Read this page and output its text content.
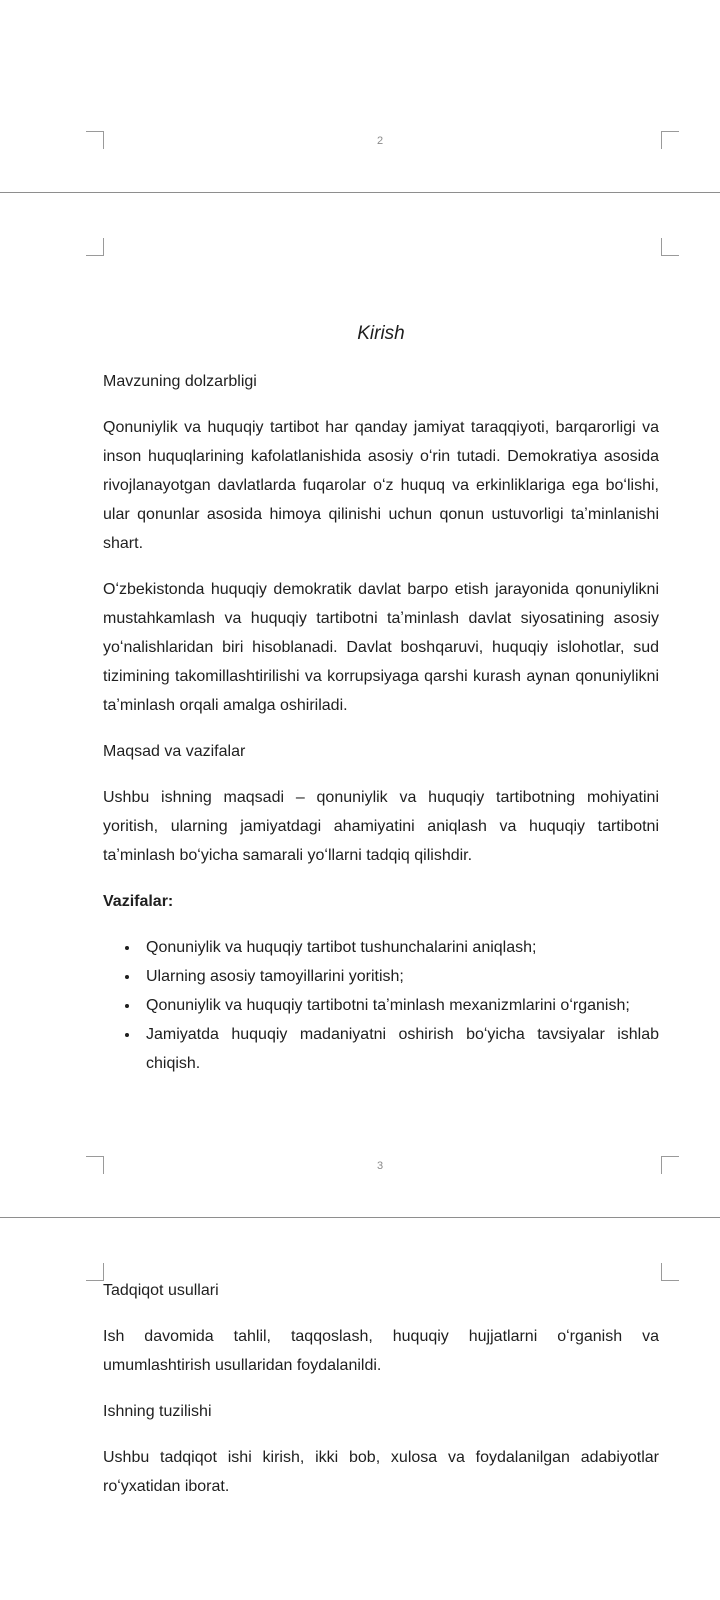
2
Kirish

Mavzuning dolzarbligi

Qonuniylik va huquqiy tartibot har qanday jamiyat taraqqiyoti, barqarorligi va inson huquqlarining kafolatlanishida asosiy oʻrin tutadi. Demokratiya asosida rivojlanayotgan davlatlarda fuqarolar oʻz huquq va erkinliklariga ega boʻlishi, ular qonunlar asosida himoya qilinishi uchun qonun ustuvorligi taʼminlanishi shart.

Oʻzbekistonda huquqiy demokratik davlat barpo etish jarayonida qonuniylikni mustahkamlash va huquqiy tartibotni taʼminlash davlat siyosatining asosiy yoʻnalishlaridan biri hisoblanadi. Davlat boshqaruvi, huquqiy islohotlar, sud tizimining takomillashtirilishi va korrupsiyaga qarshi kurash aynan qonuniylikni taʼminlash orqali amalga oshiriladi.

Maqsad va vazifalar

Ushbu ishning maqsadi – qonuniylik va huquqiy tartibotning mohiyatini yoritish, ularning jamiyatdagi ahamiyatini aniqlash va huquqiy tartibotni taʼminlash boʻyicha samarali yoʻllarni tadqiq qilishdir.

Vazifalar:

Qonuniylik va huquqiy tartibot tushunchalarini aniqlash;
Ularning asosiy tamoyillarini yoritish;
Qonuniylik va huquqiy tartibotni taʼminlash mexanizmlarini oʻrganish;
Jamiyatda huquqiy madaniyatni oshirish boʻyicha tavsiyalar ishlab chiqish.
3

Tadqiqot usullari

Ish davomida tahlil, taqqoslash, huquqiy hujjatlarni oʻrganish va umumlashtirish usullaridan foydalanildi.

Ishning tuzilishi

Ushbu tadqiqot ishi kirish, ikki bob, xulosa va foydalanilgan adabiyotlar roʻyxatidan iborat.
